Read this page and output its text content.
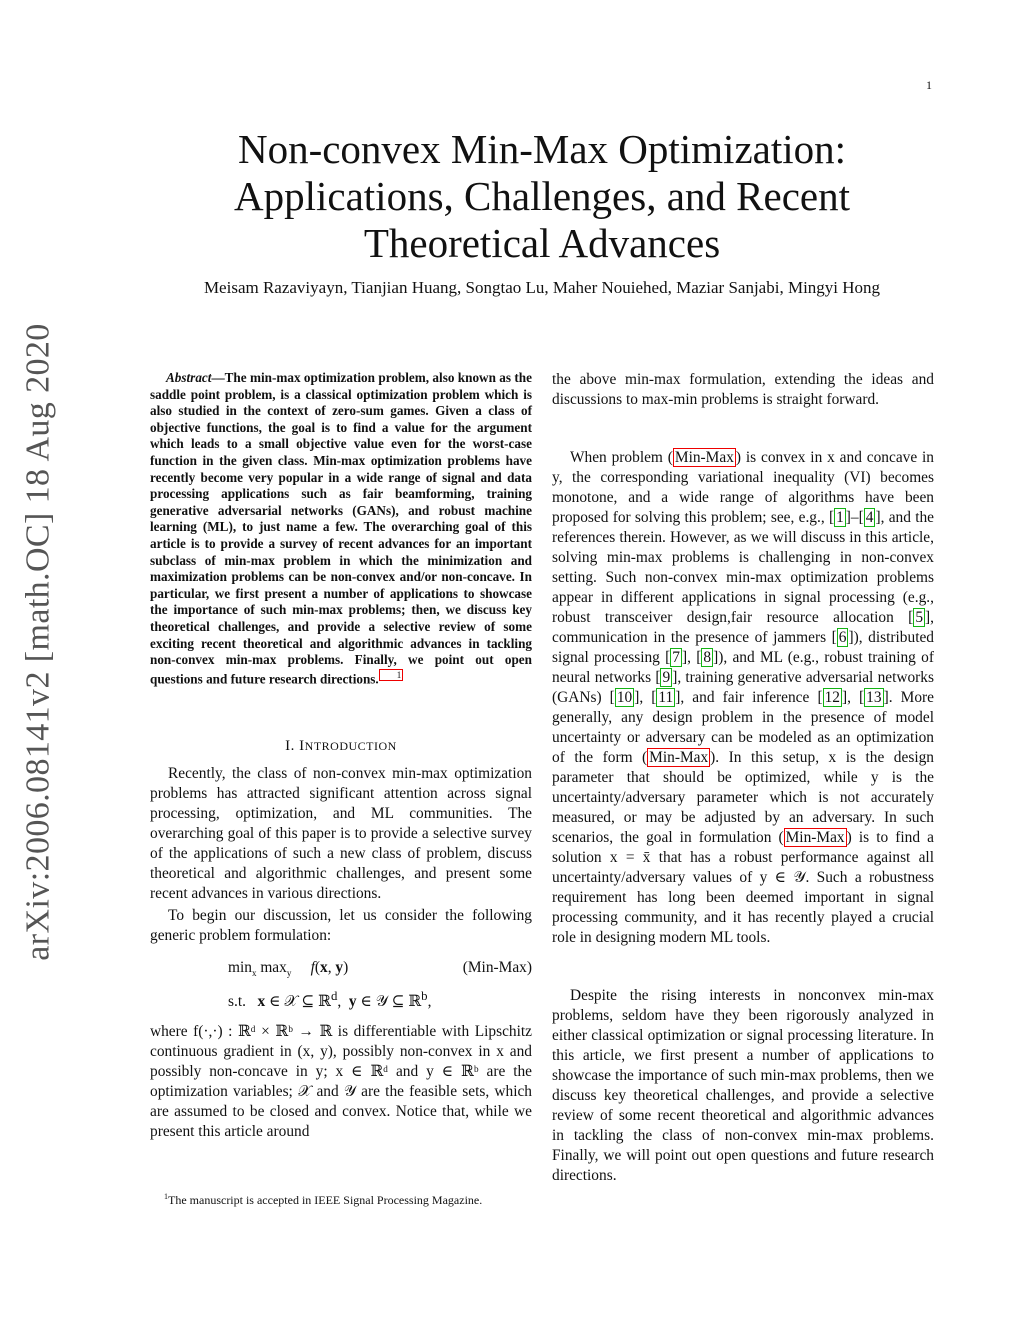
1
arXiv:2006.08141v2 [math.OC] 18 Aug 2020
Non-convex Min-Max Optimization:
Applications, Challenges, and Recent
Theoretical Advances
Meisam Razaviyayn, Tianjian Huang, Songtao Lu, Maher Nouiehed, Maziar Sanjabi, Mingyi Hong

Abstract—The min-max optimization problem, also known as the saddle point problem, is a classical optimization problem which is also studied in the context of zero-sum games. Given a class of objective functions, the goal is to find a value for the argument which leads to a small objective value even for the worst-case function in the given class. Min-max optimization problems have recently become very popular in a wide range of signal and data processing applications such as fair beamforming, training generative adversarial networks (GANs), and robust machine learning (ML), to just name a few. The overarching goal of this article is to provide a survey of recent advances for an important subclass of min-max problem in which the minimization and maximization problems can be non-convex and/or non-concave. In particular, we first present a number of applications to showcase the importance of such min-max problems; then, we discuss key theoretical challenges, and provide a selective review of some exciting recent theoretical and algorithmic advances in tackling non-convex min-max problems. Finally, we point out open questions and future research directions. 1

I. INTRODUCTION

Recently, the class of non-convex min-max optimization problems has attracted significant attention across signal processing, optimization, and ML communities. The overarching goal of this paper is to provide a selective survey of the applications of such a new class of problem, discuss theoretical and algorithmic challenges, and present some recent advances in various directions.

To begin our discussion, let us consider the following generic problem formulation:

$\min_x \max_y f(x$, y)
s.t.   x ∈ 𝒳 ⊆ ℝ$^d$,  y ∈ 𝒴 ⊆ ℝ$^b$,
(Min-Max)

where f(·,·) : ℝᵈ × ℝᵇ → ℝ is differentiable with Lipschitz continuous gradient in (x, y), possibly non-convex in x and possibly non-concave in y; x ∈ ℝᵈ and y ∈ ℝᵇ are the optimization variables; 𝒳 and 𝒴 are the feasible sets, which are assumed to be closed and convex. Notice that, while we present this article around

the above min-max formulation, extending the ideas and discussions to max-min problems is straight forward.

When problem ( Min-Max ) is convex in x and concave in y, the corresponding variational inequality (VI) becomes monotone, and a wide range of algorithms have been proposed for solving this problem; see, e.g., [ 1 ]–[ 4 ], and the references therein. However, as we will discuss in this article, solving min-max problems is challenging in non-convex setting. Such non-convex min-max optimization problems appear in different applications in signal processing (e.g., robust transceiver design,fair resource allocation [ 5 ], communication in the presence of jammers [ 6 ]), distributed signal processing [ 7 ], [ 8 ]), and ML (e.g., robust training of neural networks [ 9 ], training generative adversarial networks (GANs) [ 10 ], [ 11 ], and fair inference [ 12 ], [ 13 ]. More generally, any design problem in the presence of model uncertainty or adversary can be modeled as an optimization of the form ( Min-Max ). In this setup, x is the design parameter that should be optimized, while y is the uncertainty/adversary parameter which is not accurately measured, or may be adjusted by an adversary. In such scenarios, the goal in formulation ( Min-Max ) is to find a solution x = x̄ that has a robust performance against all uncertainty/adversary values of y ∈ 𝒴. Such a robustness requirement has long been deemed important in signal processing community, and it has recently played a crucial role in designing modern ML tools.

Despite the rising interests in nonconvex min-max problems, seldom have they been rigorously analyzed in either classical optimization or signal processing literature. In this article, we first present a number of applications to showcase the importance of such min-max problems, then we discuss key theoretical challenges, and provide a selective review of some recent theoretical and algorithmic advances in tackling the class of non-convex min-max problems. Finally, we will point out open questions and future research directions.

$^1$The manuscript is accepted in IEEE Signal Processing Magazine.
